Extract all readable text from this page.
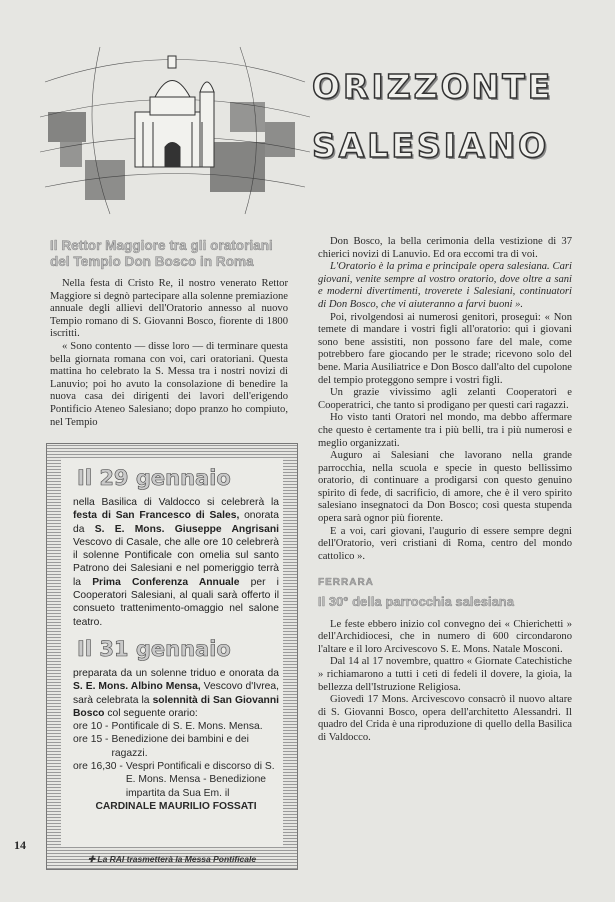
ORIZZONTE
SALESIANO
Il Rettor Maggiore tra gli oratoriani
del Tempio Don Bosco in Roma

Nella festa di Cristo Re, il nostro venerato Rettor Maggiore si degnò partecipare alla solenne premiazione annuale degli allievi dell'Oratorio annesso al nuovo Tempio romano di S. Giovanni Bosco, fiorente di 1800 iscritti.

« Sono contento — disse loro — di terminare questa bella giornata romana con voi, cari oratoriani. Questa mattina ho celebrato la S. Messa tra i nostri novizi di Lanuvio; poi ho avuto la consolazione di benedire la nuova casa dei dirigenti dei lavori dell'erigendo Pontificio Ateneo Salesiano; dopo pranzo ho compiuto, nel Tempio

Il 29 gennaio
nella Basilica di Valdocco si celebrerà la festa di San Francesco di Sales, onorata da S. E. Mons. Giuseppe Angrisani Vescovo di Casale, che alle ore 10 celebrerà il solenne Pontificale con omelia sul santo Patrono dei Salesiani e nel pomeriggio terrà la Prima Conferenza Annuale per i Cooperatori Salesiani, al quali sarà offerto il consueto trattenimento-omaggio nel salone teatro.
Il 31 gennaio
preparata da un solenne triduo e onorata da S. E. Mons. Albino Mensa, Vescovo d'Ivrea, sarà celebrata la solennità di San Giovanni Bosco col seguente orario:
ore 10 - Pontificale di S. E. Mons. Mensa.
ore 15 - Benedizione dei bambini e dei ragazzi.
ore 16,30 - Vespri Pontificali e discorso di S. E. Mons. Mensa - Benedizione impartita da Sua Em. il
CARDINALE MAURILIO FOSSATI
✚ La RAI trasmetterà la Messa Pontificale

Don Bosco, la bella cerimonia della vestizione di 37 chierici novizi di Lanuvio. Ed ora eccomi tra di voi.

L'Oratorio è la prima e principale opera salesiana. Cari giovani, venite sempre al vostro oratorio, dove oltre a sani e moderni divertimenti, troverete i Salesiani, continuatori di Don Bosco, che vi aiuteranno a farvi buoni ».

Poi, rivolgendosi ai numerosi genitori, proseguì: « Non temete di mandare i vostri figli all'oratorio: qui i giovani sono bene assistiti, non possono fare del male, come potrebbero fare giocando per le strade; ricevono solo del bene. Maria Ausiliatrice e Don Bosco dall'alto del cupolone del tempio proteggono sempre i vostri figli.

Un grazie vivissimo agli zelanti Cooperatori e Cooperatrici, che tanto si prodigano per questi cari ragazzi.

Ho visto tanti Oratori nel mondo, ma debbo affermare che questo è certamente tra i più belli, tra i più numerosi e meglio organizzati.

Auguro ai Salesiani che lavorano nella grande parrocchia, nella scuola e specie in questo bellissimo oratorio, di continuare a prodigarsi con questo genuino spirito di fede, di sacrificio, di amore, che è il vero spirito salesiano insegnatoci da Don Bosco; così questa stupenda opera sarà ognor più fiorente.

E a voi, cari giovani, l'augurio di essere sempre degni dell'Oratorio, veri cristiani di Roma, centro del mondo cattolico ».

FERRARA
Il 30° della parrocchia salesiana

Le feste ebbero inizio col convegno dei « Chierichetti » dell'Archidiocesi, che in numero di 600 circondarono l'altare e il loro Arcivescovo S. E. Mons. Natale Mosconi.

Dal 14 al 17 novembre, quattro « Giornate Catechistiche » richiamarono a tutti i ceti di fedeli il dovere, la gioia, la bellezza dell'Istruzione Religiosa.

Giovedì 17 Mons. Arcivescovo consacrò il nuovo altare di S. Giovanni Bosco, opera dell'architetto Alessandri. Il quadro del Crida è una riproduzione di quello della Basilica di Valdocco.

14
